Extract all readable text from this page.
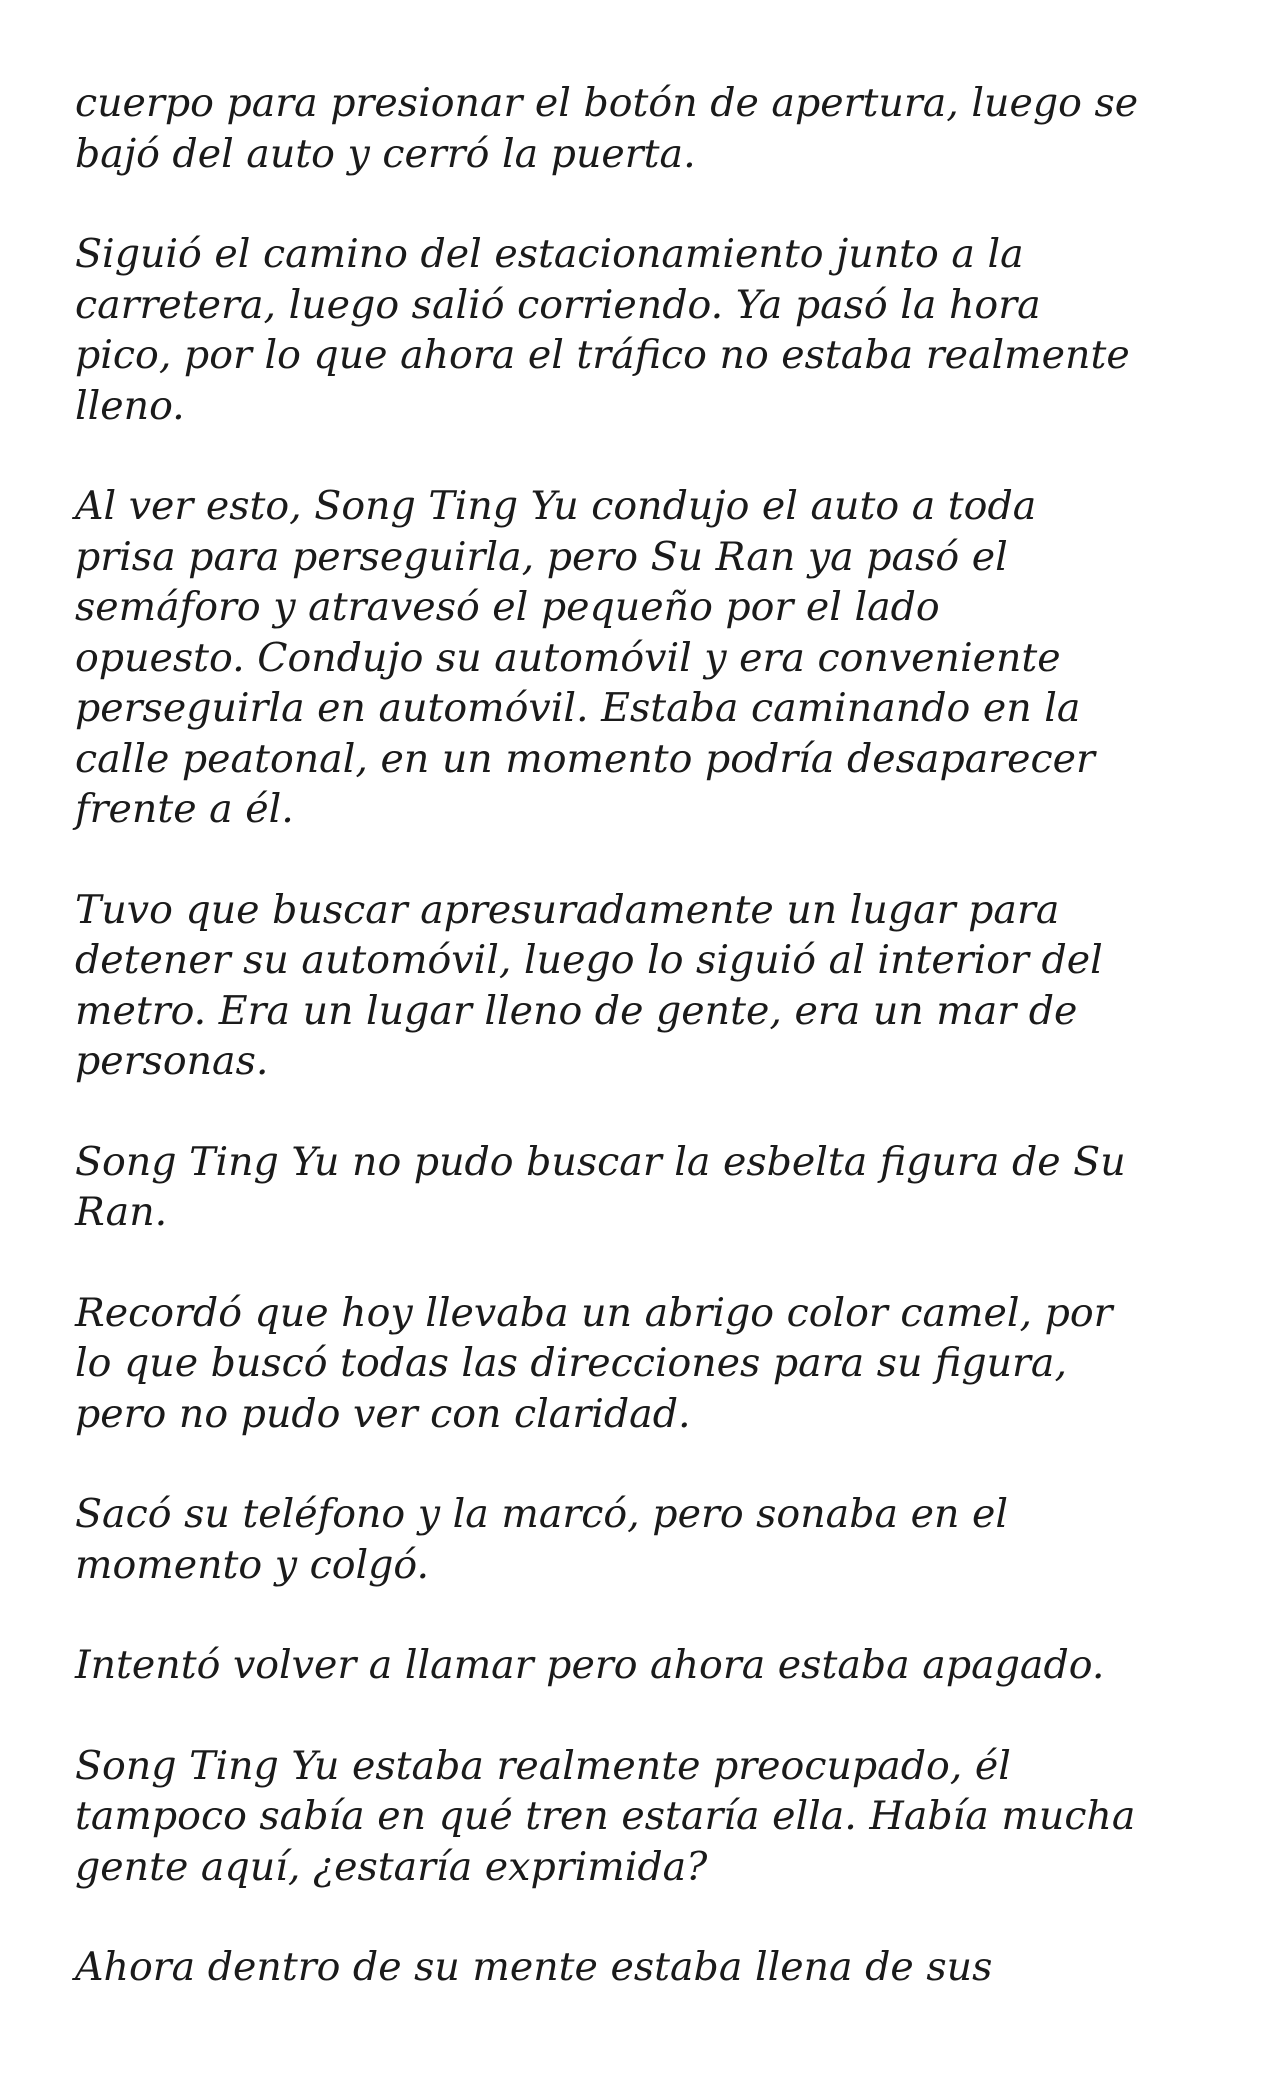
cuerpo para presionar el botón de apertura, luego se
bajó del auto y cerró la puerta.

Siguió el camino del estacionamiento junto a la
carretera, luego salió corriendo. Ya pasó la hora
pico, por lo que ahora el tráfico no estaba realmente
lleno.

Al ver esto, Song Ting Yu condujo el auto a toda
prisa para perseguirla, pero Su Ran ya pasó el
semáforo y atravesó el pequeño por el lado
opuesto. Condujo su automóvil y era conveniente
perseguirla en automóvil. Estaba caminando en la
calle peatonal, en un momento podría desaparecer
frente a él.

Tuvo que buscar apresuradamente un lugar para
detener su automóvil, luego lo siguió al interior del
metro. Era un lugar lleno de gente, era un mar de
personas.

Song Ting Yu no pudo buscar la esbelta figura de Su
Ran.

Recordó que hoy llevaba un abrigo color camel, por
lo que buscó todas las direcciones para su figura,
pero no pudo ver con claridad.

Sacó su teléfono y la marcó, pero sonaba en el
momento y colgó.

Intentó volver a llamar pero ahora estaba apagado.

Song Ting Yu estaba realmente preocupado, él
tampoco sabía en qué tren estaría ella. Había mucha
gente aquí, ¿estaría exprimida?

Ahora dentro de su mente estaba llena de sus
